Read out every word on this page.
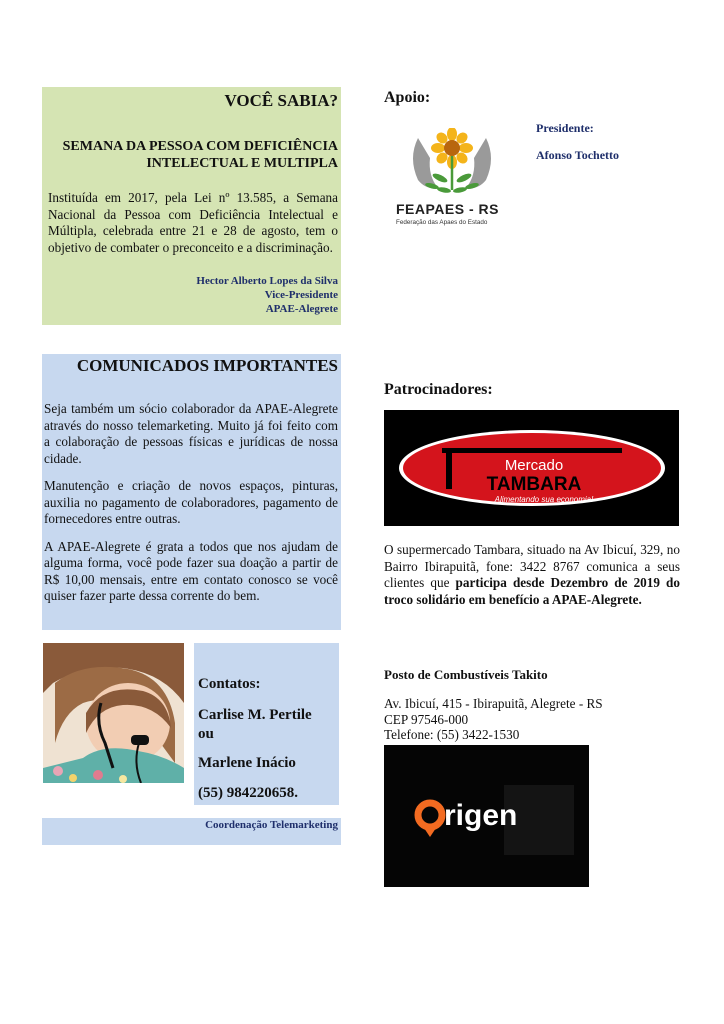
VOCÊ SABIA?

SEMANA DA PESSOA COM DEFICIÊNCIA
INTELECTUAL E MULTIPLA

Instituída em 2017, pela Lei nº 13.585, a Semana Nacional da Pessoa com Deficiência Intelectual e Múltipla, celebrada entre 21 e 28 de agosto, tem o objetivo de combater o preconceito e a discriminação.

Hector Alberto Lopes da Silva
Vice-Presidente
APAE-Alegrete

COMUNICADOS IMPORTANTES

Seja também um sócio colaborador da APAE-Alegrete através do nosso telemarketing. Muito já foi feito com a colaboração de pessoas físicas e jurídicas de nossa cidade.

Manutenção e criação de novos espaços, pinturas, auxilia no pagamento de colaboradores, pagamento de fornecedores entre outras.

A APAE-Alegrete é grata a todos que nos ajudam de alguma forma, você pode fazer sua doação a partir de R$ 10,00 mensais, entre em contato conosco se você quiser fazer parte dessa corrente do bem.

Contatos:

Carlise M. Pertile

ou

Marlene Inácio

(55) 984220658.

Coordenação Telemarketing
Apoio:
FEAPAES - RS
Federação das Apaes do Estado
Presidente:
Afonso Tochetto
Patrocinadores:
Mercado
TAMBARA
Alimentando sua economia!

O supermercado Tambara, situado na Av Ibicuí, 329, no Bairro Ibirapuitã, fone: 3422 8767 comunica a seus clientes que participa desde Dezembro de 2019 do troco solidário em benefício a APAE-Alegrete.

Posto de Combustíveis Takito
Av. Ibicuí, 415 - Ibirapuitã, Alegrete - RS
CEP 97546-000
Telefone: (55) 3422-1530
rigen
